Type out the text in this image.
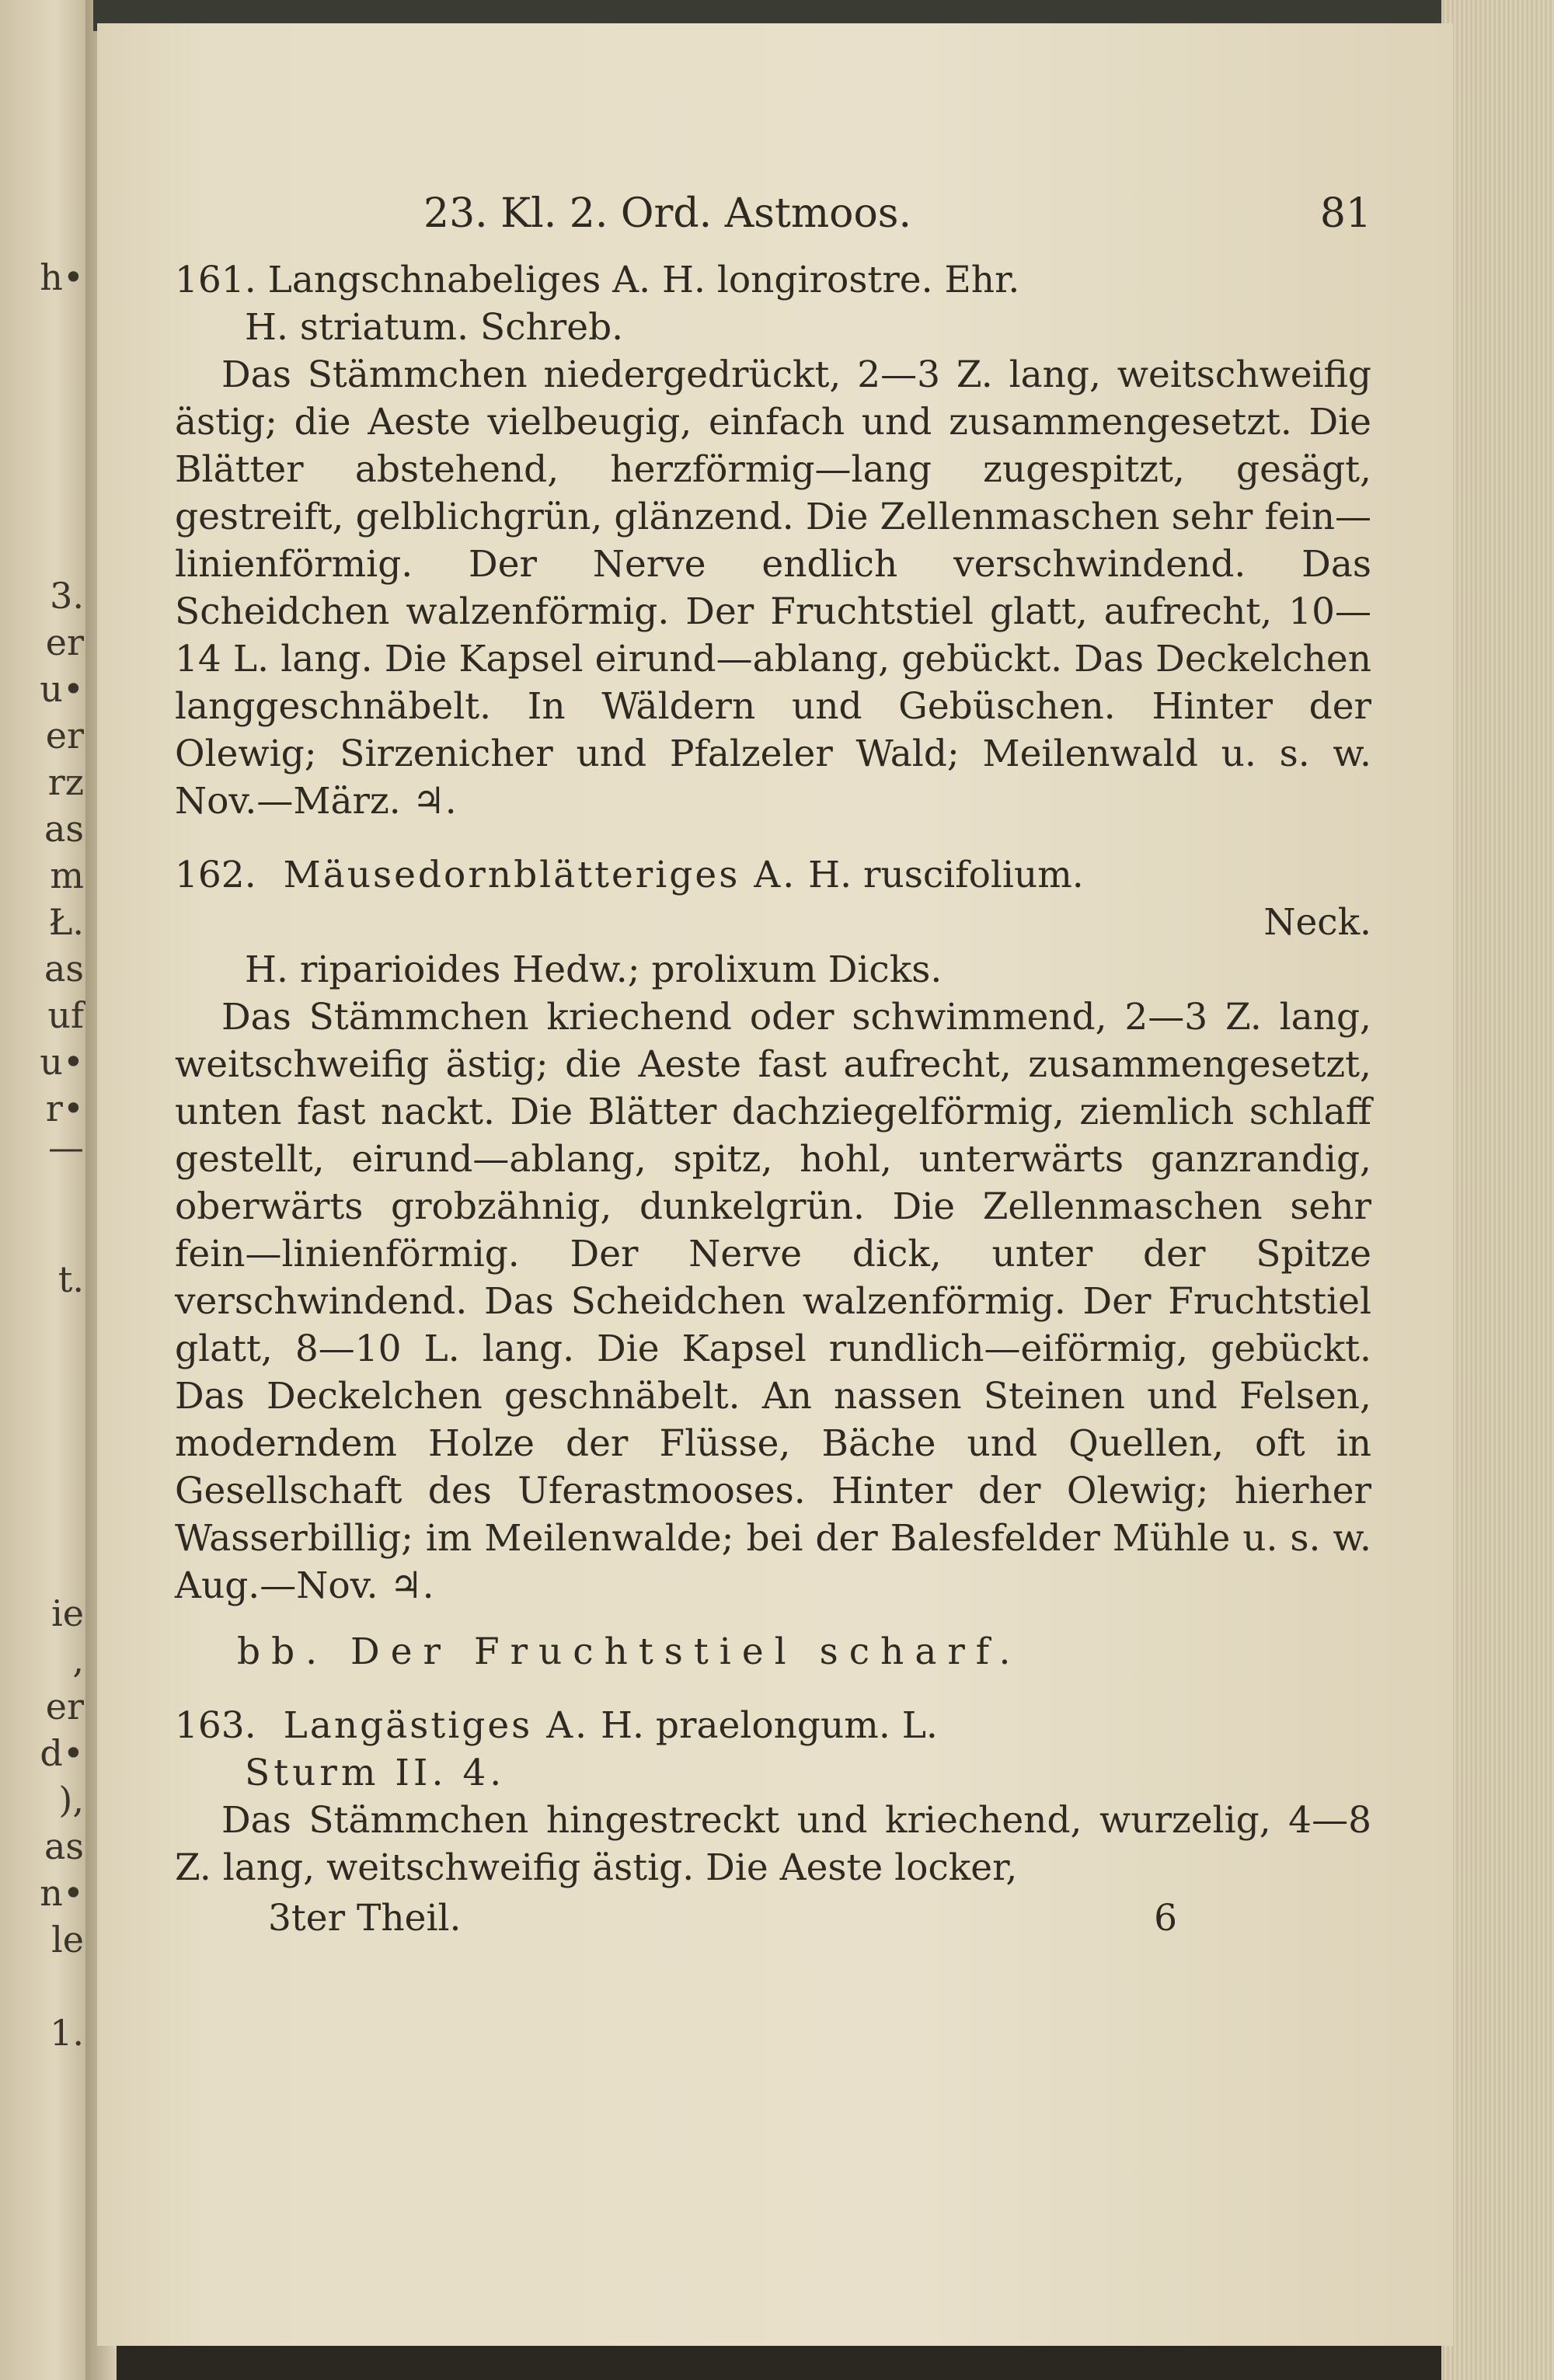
h•
3.
er
u•
er
rz
as
m
Ł.
as
uf
u•
r•
—
t.
ie
,
er
d•
),
as
n•
le
1.
23. Kl. 2. Ord. Astmoos.	81
161. Langschnabeliges A. H. longirostre. Ehr.
H. striatum. Schreb.
Das Stämmchen niedergedrückt, 2—3 Z. lang, weitschweifig ästig; die Aeste vielbeugig, einfach und zusammengesetzt. Die Blätter abstehend, herzförmig—lang zugespitzt, gesägt, gestreift, gelblichgrün, glänzend. Die Zellenmaschen sehr fein—linienförmig. Der Nerve endlich verschwindend. Das Scheidchen walzenförmig. Der Fruchtstiel glatt, aufrecht, 10—14 L. lang. Die Kapsel eirund—ablang, gebückt. Das Deckelchen langgeschnäbelt. In Wäldern und Gebüschen. Hinter der Olewig; Sirzenicher und Pfalzeler Wald; Meilenwald u. s. w. Nov.—März. ♃.
162. Mäusedornblätteriges A. H. ruscifolium.
Neck.
H. riparioides Hedw.; prolixum Dicks.
Das Stämmchen kriechend oder schwimmend, 2—3 Z. lang, weitschweifig ästig; die Aeste fast aufrecht, zusammengesetzt, unten fast nackt. Die Blätter dachziegelförmig, ziemlich schlaff gestellt, eirund—ablang, spitz, hohl, unterwärts ganzrandig, oberwärts grobzähnig, dunkelgrün. Die Zellenmaschen sehr fein—linienförmig. Der Nerve dick, unter der Spitze verschwindend. Das Scheidchen walzenförmig. Der Fruchtstiel glatt, 8—10 L. lang. Die Kapsel rundlich—eiförmig, gebückt. Das Deckelchen geschnäbelt. An nassen Steinen und Felsen, moderndem Holze der Flüsse, Bäche und Quellen, oft in Gesellschaft des Uferastmooses. Hinter der Olewig; hierher Wasserbillig; im Meilenwalde; bei der Balesfelder Mühle u. s. w. Aug.—Nov. ♃.
bb. Der Fruchtstiel scharf.
163. Langästiges A. H. praelongum. L.
Sturm II. 4.
Das Stämmchen hingestreckt und kriechend, wurzelig, 4—8 Z. lang, weitschweifig ästig. Die Aeste locker,
3ter Theil.	6
